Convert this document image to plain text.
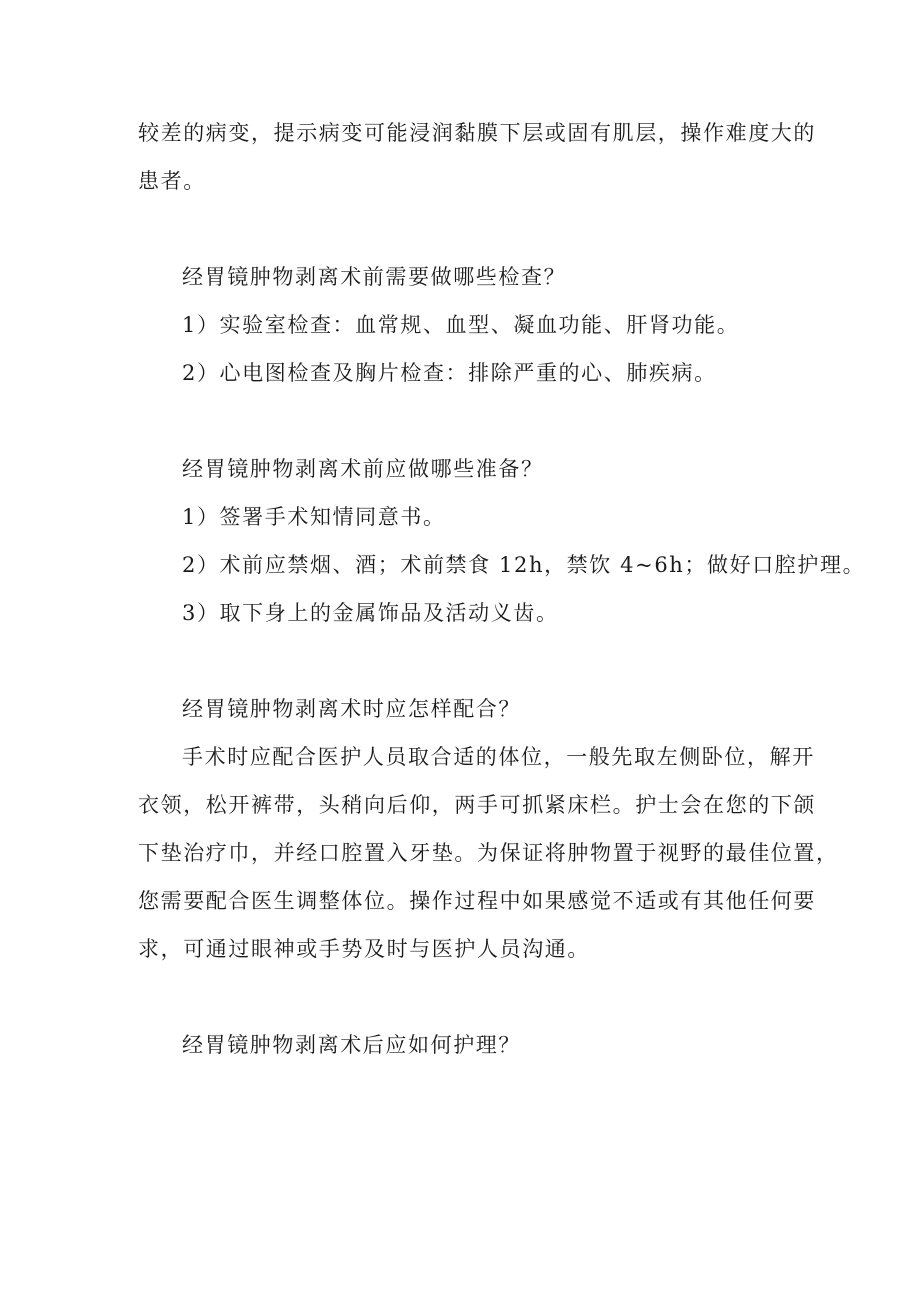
较差的病变，提示病变可能浸润黏膜下层或固有肌层，操作难度大的
患者。
经胃镜肿物剥离术前需要做哪些检查？
1）实验室检查：血常规、血型、凝血功能、肝肾功能。
2）心电图检查及胸片检查：排除严重的心、肺疾病。
经胃镜肿物剥离术前应做哪些准备？
1）签署手术知情同意书。
2）术前应禁烟、酒；术前禁食 12h，禁饮 4~6h；做好口腔护理。
3）取下身上的金属饰品及活动义齿。
经胃镜肿物剥离术时应怎样配合？
手术时应配合医护人员取合适的体位，一般先取左侧卧位，解开
衣领，松开裤带，头稍向后仰，两手可抓紧床栏。护士会在您的下颌
下垫治疗巾，并经口腔置入牙垫。为保证将肿物置于视野的最佳位置，
您需要配合医生调整体位。操作过程中如果感觉不适或有其他任何要
求，可通过眼神或手势及时与医护人员沟通。
经胃镜肿物剥离术后应如何护理？
